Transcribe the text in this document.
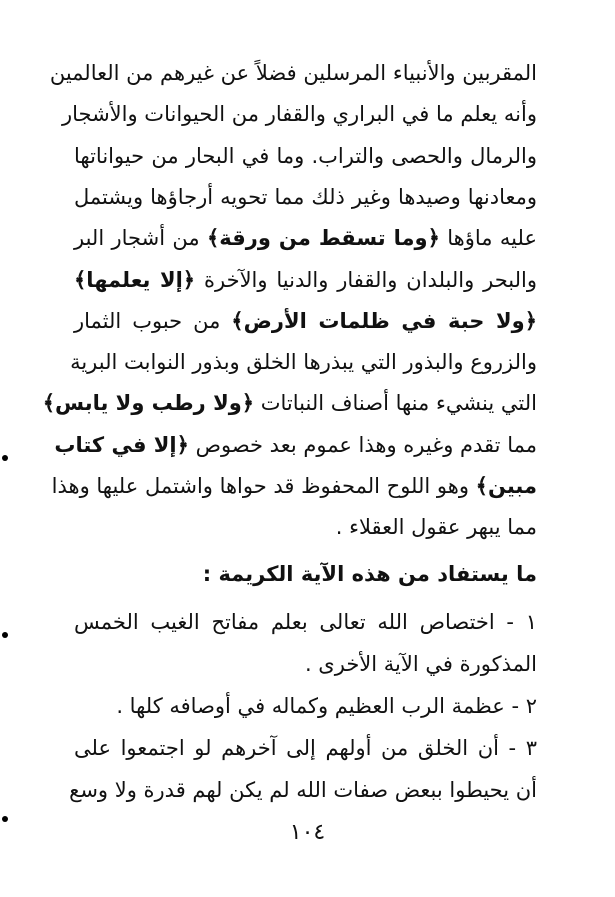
المقربين والأنبياء المرسلين فضلاً عن غيرهم من العالمين
وأنه يعلم ما في البراري والقفار من الحيوانات والأشجار
والرمال والحصى والتراب. وما في البحار من حيواناتها
ومعادنها وصيدها وغير ذلك مما تحويه أرجاؤها ويشتمل
عليه ماؤها ﴿وما تسقط من ورقة﴾ من أشجار البر
والبحر والبلدان والقفار والدنيا والآخرة ﴿إلا يعلمها﴾
﴿ولا حبة في ظلمات الأرض﴾ من حبوب الثمار
والزروع والبذور التي يبذرها الخلق وبذور النوابت البرية
التي ينشيء منها أصناف النباتات ﴿ولا رطب ولا يابس﴾
مما تقدم وغيره وهذا عموم بعد خصوص ﴿إلا في كتاب
مبين﴾ وهو اللوح المحفوظ قد حواها واشتمل عليها وهذا
مما يبهر عقول العقلاء .
ما يستفاد من هذه الآية الكريمة :
١ - اختصاص الله تعالى بعلم مفاتح الغيب الخمس
المذكورة في الآية الأخرى .
٢ - عظمة الرب العظيم وكماله في أوصافه كلها .
٣ - أن الخلق من أولهم إلى آخرهم لو اجتمعوا على
أن يحيطوا ببعض صفات الله لم يكن لهم قدرة ولا وسع
١٠٤
